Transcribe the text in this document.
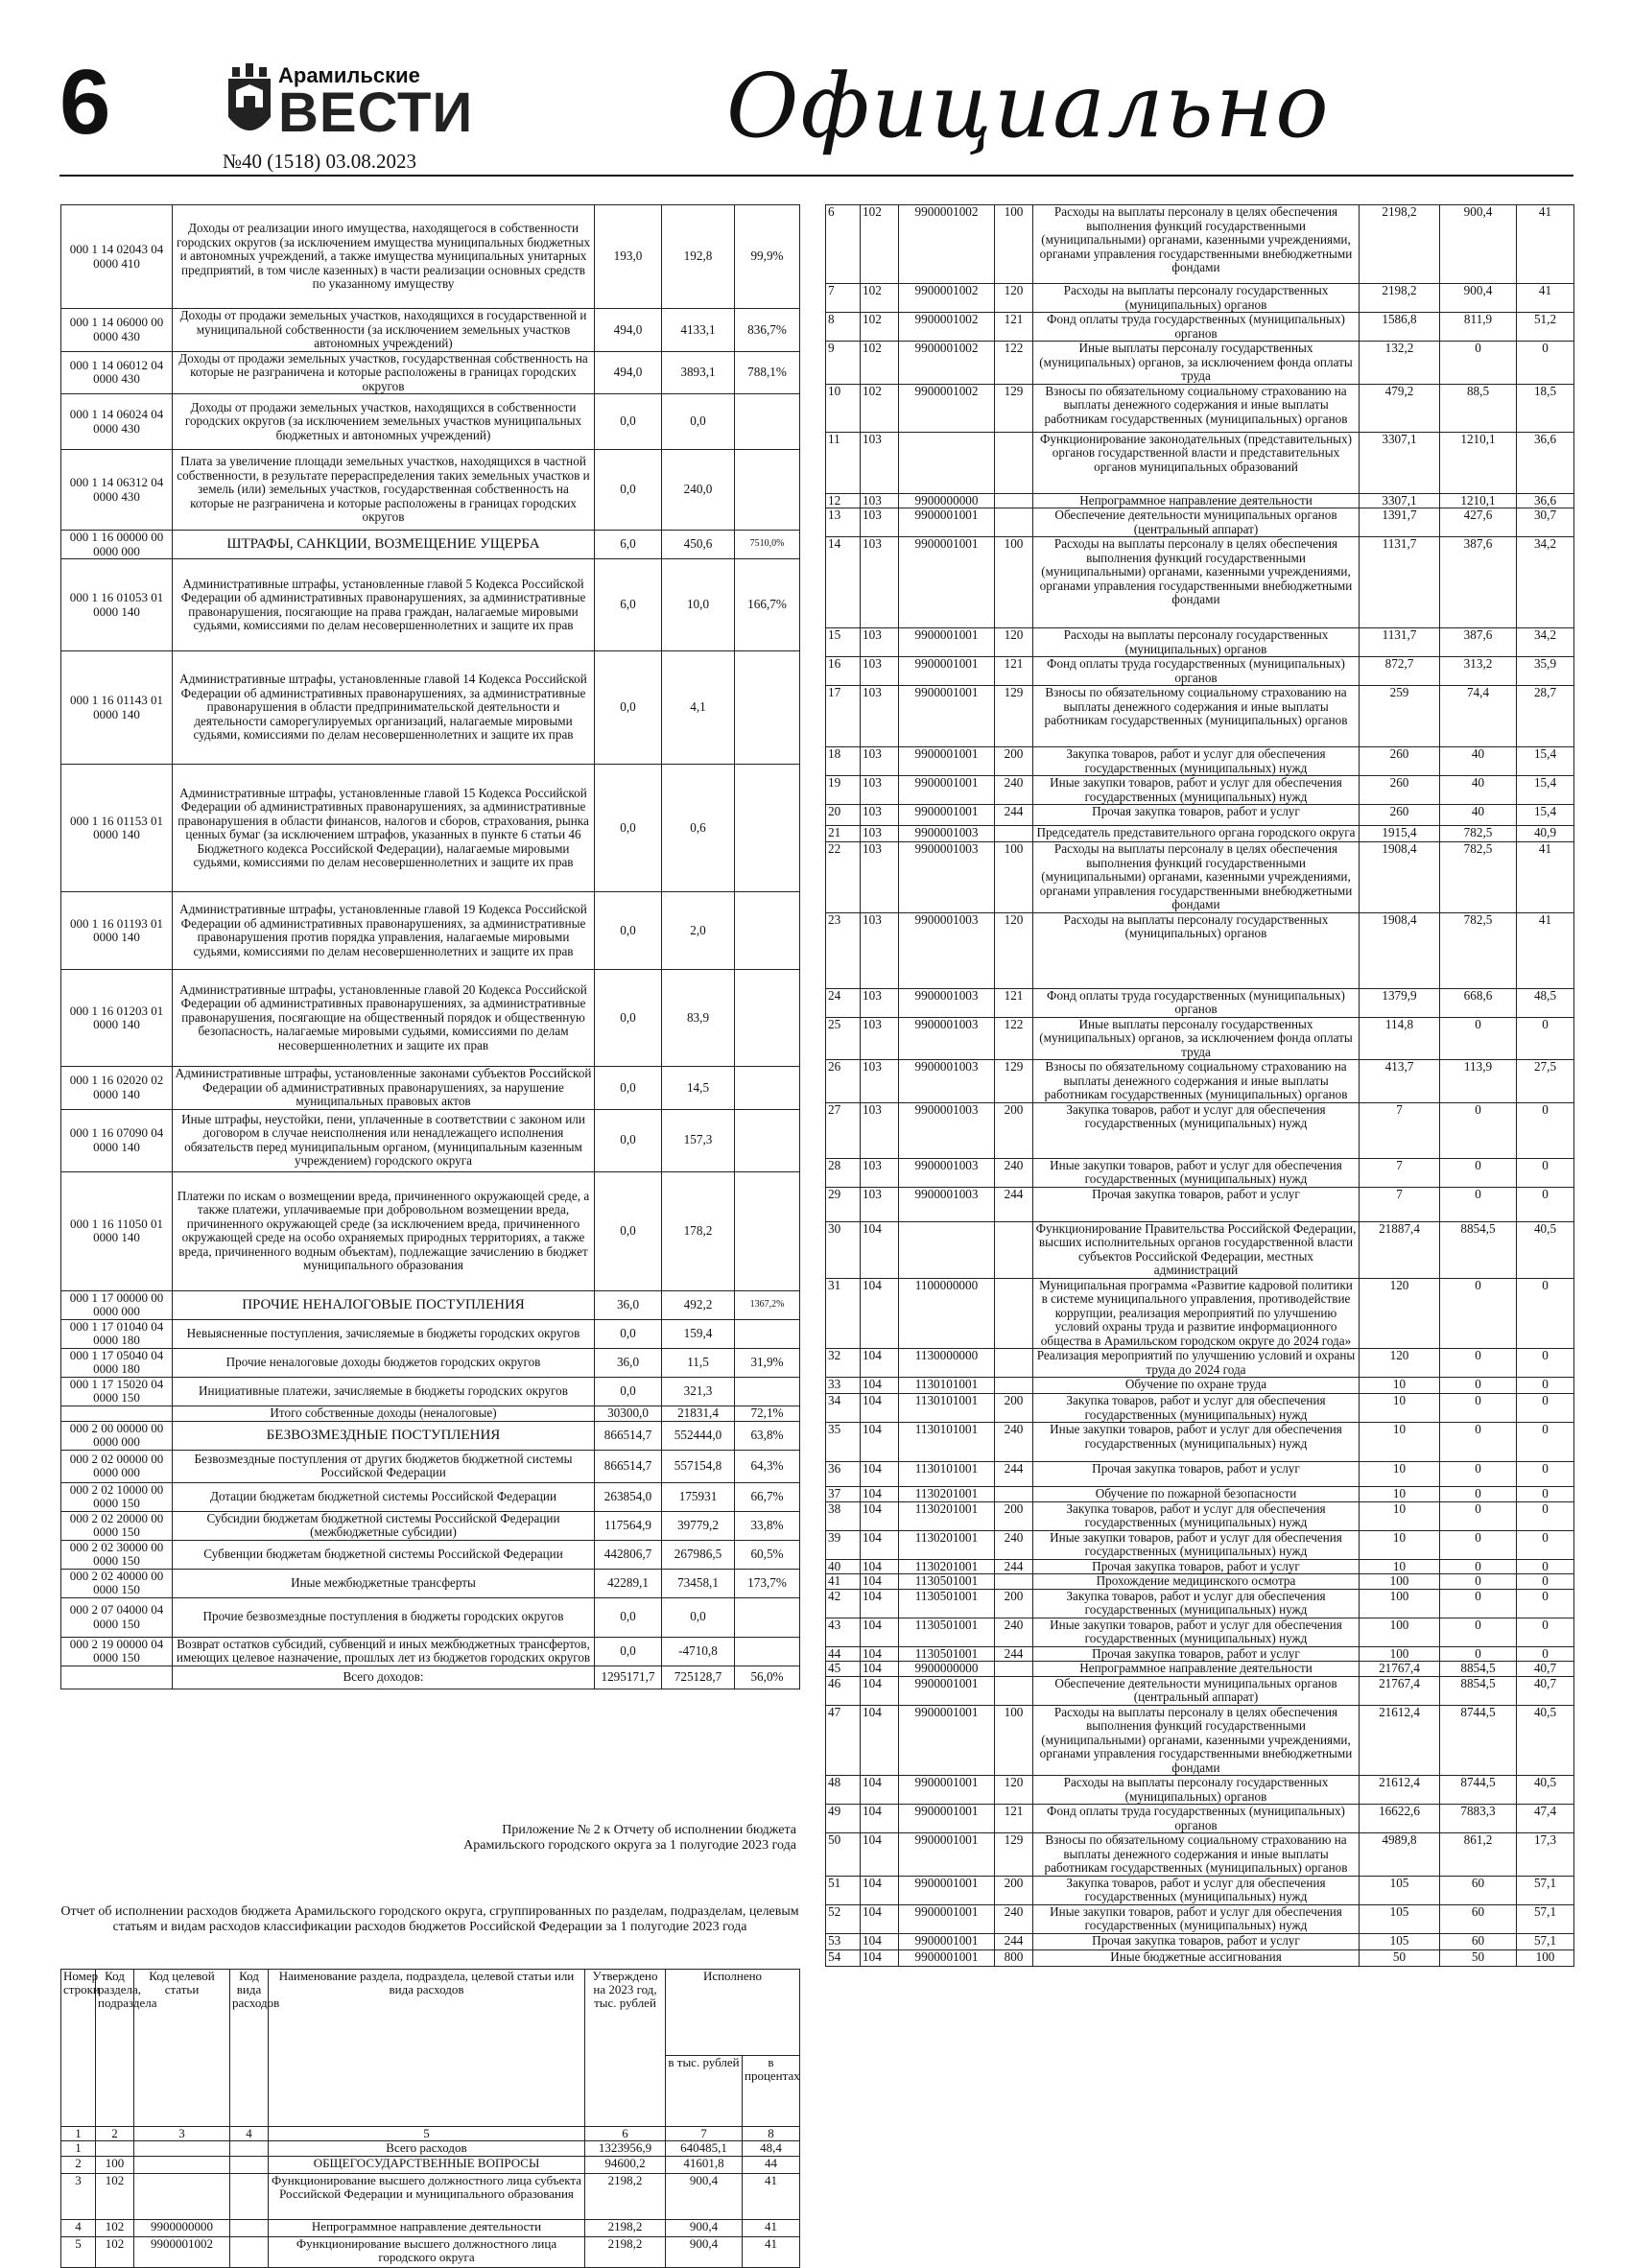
6	Арамильские
ВЕСТИ
№40 (1518) 03.08.2023
Официально
000 1 14 02043 04 0000 410	Доходы от реализации иного имущества, находящегося в собственности городских округов (за исключением имущества муниципальных бюджетных и автономных учреждений, а также имущества муниципальных унитарных предприятий, в том числе казенных) в части реализации основных средств по указанному имуществу	193,0	192,8	99,9%
000 1 14 06000 00 0000 430	Доходы от продажи земельных участков, находящихся в государственной и муниципальной собственности (за исключением земельных участков автономных учреждений)	494,0	4133,1	836,7%
000 1 14 06012 04 0000 430	Доходы от продажи земельных участков, государственная собственность на которые не разграничена и которые расположены в границах городских округов	494,0	3893,1	788,1%
000 1 14 06024 04 0000 430	Доходы от продажи земельных участков, находящихся в собственности городских округов (за исключением земельных участков муниципальных бюджетных и автономных учреждений)	0,0	0,0	
000 1 14 06312 04 0000 430	Плата за увеличение площади земельных участков, находящихся в частной собственности, в результате перераспределения таких земельных участков и земель (или) земельных участков, государственная собственность на которые не разграничена и которые расположены в границах городских округов	0,0	240,0	
000 1 16 00000 00 0000 000	ШТРАФЫ, САНКЦИИ, ВОЗМЕЩЕНИЕ УЩЕРБА	6,0	450,6	7510,0%
000 1 16 01053 01 0000 140	Административные штрафы, установленные главой 5 Кодекса Российской Федерации об административных правонарушениях, за административные правонарушения, посягающие на права граждан, налагаемые мировыми судьями, комиссиями по делам несовершеннолетних и защите их прав	6,0	10,0	166,7%
000 1 16 01143 01 0000 140	Административные штрафы, установленные главой 14 Кодекса Российской Федерации об административных правонарушениях, за административные правонарушения в области предпринимательской деятельности и деятельности саморегулируемых организаций, налагаемые мировыми судьями, комиссиями по делам несовершеннолетних и защите их прав	0,0	4,1	
000 1 16 01153 01 0000 140	Административные штрафы, установленные главой 15 Кодекса Российской Федерации об административных правонарушениях, за административные правонарушения в области финансов, налогов и сборов, страхования, рынка ценных бумаг (за исключением штрафов, указанных в пункте 6 статьи 46 Бюджетного кодекса Российской Федерации), налагаемые мировыми судьями, комиссиями по делам несовершеннолетних и защите их прав	0,0	0,6	
000 1 16 01193 01 0000 140	Административные штрафы, установленные главой 19 Кодекса Российской Федерации об административных правонарушениях, за административные правонарушения против порядка управления, налагаемые мировыми судьями, комиссиями по делам несовершеннолетних и защите их прав	0,0	2,0	
000 1 16 01203 01 0000 140	Административные штрафы, установленные главой 20 Кодекса Российской Федерации об административных правонарушениях, за административные правонарушения, посягающие на общественный порядок и общественную безопасность, налагаемые мировыми судьями, комиссиями по делам несовершеннолетних и защите их прав	0,0	83,9	
000 1 16 02020 02 0000 140	Административные штрафы, установленные законами субъектов Российской Федерации об административных правонарушениях, за нарушение муниципальных правовых актов	0,0	14,5	
000 1 16 07090 04 0000 140	Иные штрафы, неустойки, пени, уплаченные в соответствии с законом или договором в случае неисполнения или ненадлежащего исполнения обязательств перед муниципальным органом, (муниципальным казенным учреждением) городского округа	0,0	157,3	
000 1 16 11050 01 0000 140	Платежи по искам о возмещении вреда, причиненного окружающей среде, а также платежи, уплачиваемые при добровольном возмещении вреда, причиненного окружающей среде (за исключением вреда, причиненного окружающей среде на особо охраняемых природных территориях, а также вреда, причиненного водным объектам), подлежащие зачислению в бюджет муниципального образования	0,0	178,2	
000 1 17 00000 00 0000 000	ПРОЧИЕ НЕНАЛОГОВЫЕ ПОСТУПЛЕНИЯ	36,0	492,2	1367,2%
000 1 17 01040 04 0000 180	Невыясненные поступления, зачисляемые в бюджеты городских округов	0,0	159,4	
000 1 17 05040 04 0000 180	Прочие неналоговые доходы бюджетов городских округов	36,0	11,5	31,9%
000 1 17 15020 04 0000 150	Инициативные платежи, зачисляемые в бюджеты городских округов	0,0	321,3	
	Итого собственные доходы (неналоговые)	30300,0	21831,4	72,1%
000 2 00 00000 00 0000 000	БЕЗВОЗМЕЗДНЫЕ ПОСТУПЛЕНИЯ	866514,7	552444,0	63,8%
000 2 02 00000 00 0000 000	Безвозмездные поступления от других бюджетов бюджетной системы Российской Федерации	866514,7	557154,8	64,3%
000 2 02 10000 00 0000 150	Дотации бюджетам бюджетной системы Российской Федерации	263854,0	175931	66,7%
000 2 02 20000 00 0000 150	Субсидии бюджетам бюджетной системы Российской Федерации (межбюджетные субсидии)	117564,9	39779,2	33,8%
000 2 02 30000 00 0000 150	Субвенции бюджетам бюджетной системы Российской Федерации	442806,7	267986,5	60,5%
000 2 02 40000 00 0000 150	Иные межбюджетные трансферты	42289,1	73458,1	173,7%
000 2 07 04000 04 0000 150	Прочие безвозмездные поступления в бюджеты городских округов	0,0	0,0	
000 2 19 00000 04 0000 150	Возврат остатков субсидий, субвенций и иных межбюджетных трансфертов, имеющих целевое назначение, прошлых лет из бюджетов городских округов	0,0	-4710,8	
	Всего доходов:	1295171,7	725128,7	56,0%
Приложение № 2 к Отчету об исполнении бюджета Арамильского городского округа за 1 полугодие 2023 года
Отчет об исполнении расходов бюджета Арамильского городского округа, сгруппированных по разделам, подразделам, целевым статьям и видам расходов классификации расходов бюджетов Российской Федерации за 1 полугодие 2023 года
Номер строки	Код раздела, подраздела	Код целевой статьи	Код вида расходов	Наименование раздела, подраздела, целевой статьи или вида расходов	Утверждено на 2023 год, тыс. рублей	Исполнено	
						в тыс. рублей	в процентах
1	2	3	4	5	6	7	8
1				Всего расходов	1323956,9	640485,1	48,4
2	100			ОБЩЕГОСУДАРСТВЕННЫЕ ВОПРОСЫ	94600,2	41601,8	44
3	102			Функционирование высшего должностного лица субъекта Российской Федерации и муниципального образования	2198,2	900,4	41
4	102	9900000000		Непрограммное направление деятельности	2198,2	900,4	41
5	102	9900001002		Функционирование высшего должностного лица городского округа	2198,2	900,4	41
6	102	9900001002	100	Расходы на выплаты персоналу в целях обеспечения выполнения функций государственными (муниципальными) органами, казенными учреждениями, органами управления государственными внебюджетными фондами	2198,2	900,4	41
7	102	9900001002	120	Расходы на выплаты персоналу государственных (муниципальных) органов	2198,2	900,4	41
8	102	9900001002	121	Фонд оплаты труда государственных (муниципальных) органов	1586,8	811,9	51,2
9	102	9900001002	122	Иные выплаты персоналу государственных (муниципальных) органов, за исключением фонда оплаты труда	132,2	0	0
10	102	9900001002	129	Взносы по обязательному социальному страхованию на выплаты денежного содержания и иные выплаты работникам государственных (муниципальных) органов	479,2	88,5	18,5
11	103			Функционирование законодательных (представительных) органов государственной власти и представительных органов муниципальных образований	3307,1	1210,1	36,6
12	103	9900000000		Непрограммное направление деятельности	3307,1	1210,1	36,6
13	103	9900001001		Обеспечение деятельности муниципальных органов (центральный аппарат)	1391,7	427,6	30,7
14	103	9900001001	100	Расходы на выплаты персоналу в целях обеспечения выполнения функций государственными (муниципальными) органами, казенными учреждениями, органами управления государственными внебюджетными фондами	1131,7	387,6	34,2
15	103	9900001001	120	Расходы на выплаты персоналу государственных (муниципальных) органов	1131,7	387,6	34,2
16	103	9900001001	121	Фонд оплаты труда государственных (муниципальных) органов	872,7	313,2	35,9
17	103	9900001001	129	Взносы по обязательному социальному страхованию на выплаты денежного содержания и иные выплаты работникам государственных (муниципальных) органов	259	74,4	28,7
18	103	9900001001	200	Закупка товаров, работ и услуг для обеспечения государственных (муниципальных) нужд	260	40	15,4
19	103	9900001001	240	Иные закупки товаров, работ и услуг для обеспечения государственных (муниципальных) нужд	260	40	15,4
20	103	9900001001	244	Прочая закупка товаров, работ и услуг	260	40	15,4
21	103	9900001003		Председатель представительного органа городского округа	1915,4	782,5	40,9
22	103	9900001003	100	Расходы на выплаты персоналу в целях обеспечения выполнения функций государственными (муниципальными) органами, казенными учреждениями, органами управления государственными внебюджетными фондами	1908,4	782,5	41
23	103	9900001003	120	Расходы на выплаты персоналу государственных (муниципальных) органов	1908,4	782,5	41
24	103	9900001003	121	Фонд оплаты труда государственных (муниципальных) органов	1379,9	668,6	48,5
25	103	9900001003	122	Иные выплаты персоналу государственных (муниципальных) органов, за исключением фонда оплаты труда	114,8	0	0
26	103	9900001003	129	Взносы по обязательному социальному страхованию на выплаты денежного содержания и иные выплаты работникам государственных (муниципальных) органов	413,7	113,9	27,5
27	103	9900001003	200	Закупка товаров, работ и услуг для обеспечения государственных (муниципальных) нужд	7	0	0
28	103	9900001003	240	Иные закупки товаров, работ и услуг для обеспечения государственных (муниципальных) нужд	7	0	0
29	103	9900001003	244	Прочая закупка товаров, работ и услуг	7	0	0
30	104			Функционирование Правительства Российской Федерации, высших исполнительных органов государственной власти субъектов Российской Федерации, местных администраций	21887,4	8854,5	40,5
31	104	1100000000		Муниципальная программа «Развитие кадровой политики в системе муниципального управления, противодействие коррупции, реализация мероприятий по улучшению условий охраны труда и развитие информационного общества в Арамильском городском округе до 2024 года»	120	0	0
32	104	1130000000		Реализация мероприятий по улучшению условий и охраны труда до 2024 года	120	0	0
33	104	1130101001		Обучение по охране труда	10	0	0
34	104	1130101001	200	Закупка товаров, работ и услуг для обеспечения государственных (муниципальных) нужд	10	0	0
35	104	1130101001	240	Иные закупки товаров, работ и услуг для обеспечения государственных (муниципальных) нужд	10	0	0
36	104	1130101001	244	Прочая закупка товаров, работ и услуг	10	0	0
37	104	1130201001		Обучение по пожарной безопасности	10	0	0
38	104	1130201001	200	Закупка товаров, работ и услуг для обеспечения государственных (муниципальных) нужд	10	0	0
39	104	1130201001	240	Иные закупки товаров, работ и услуг для обеспечения государственных (муниципальных) нужд	10	0	0
40	104	1130201001	244	Прочая закупка товаров, работ и услуг	10	0	0
41	104	1130501001		Прохождение медицинского осмотра	100	0	0
42	104	1130501001	200	Закупка товаров, работ и услуг для обеспечения государственных (муниципальных) нужд	100	0	0
43	104	1130501001	240	Иные закупки товаров, работ и услуг для обеспечения государственных (муниципальных) нужд	100	0	0
44	104	1130501001	244	Прочая закупка товаров, работ и услуг	100	0	0
45	104	9900000000		Непрограммное направление деятельности	21767,4	8854,5	40,7
46	104	9900001001		Обеспечение деятельности муниципальных органов (центральный аппарат)	21767,4	8854,5	40,7
47	104	9900001001	100	Расходы на выплаты персоналу в целях обеспечения выполнения функций государственными (муниципальными) органами, казенными учреждениями, органами управления государственными внебюджетными фондами	21612,4	8744,5	40,5
48	104	9900001001	120	Расходы на выплаты персоналу государственных (муниципальных) органов	21612,4	8744,5	40,5
49	104	9900001001	121	Фонд оплаты труда государственных (муниципальных) органов	16622,6	7883,3	47,4
50	104	9900001001	129	Взносы по обязательному социальному страхованию на выплаты денежного содержания и иные выплаты работникам государственных (муниципальных) органов	4989,8	861,2	17,3
51	104	9900001001	200	Закупка товаров, работ и услуг для обеспечения государственных (муниципальных) нужд	105	60	57,1
52	104	9900001001	240	Иные закупки товаров, работ и услуг для обеспечения государственных (муниципальных) нужд	105	60	57,1
53	104	9900001001	244	Прочая закупка товаров, работ и услуг	105	60	57,1
54	104	9900001001	800	Иные бюджетные ассигнования	50	50	100
